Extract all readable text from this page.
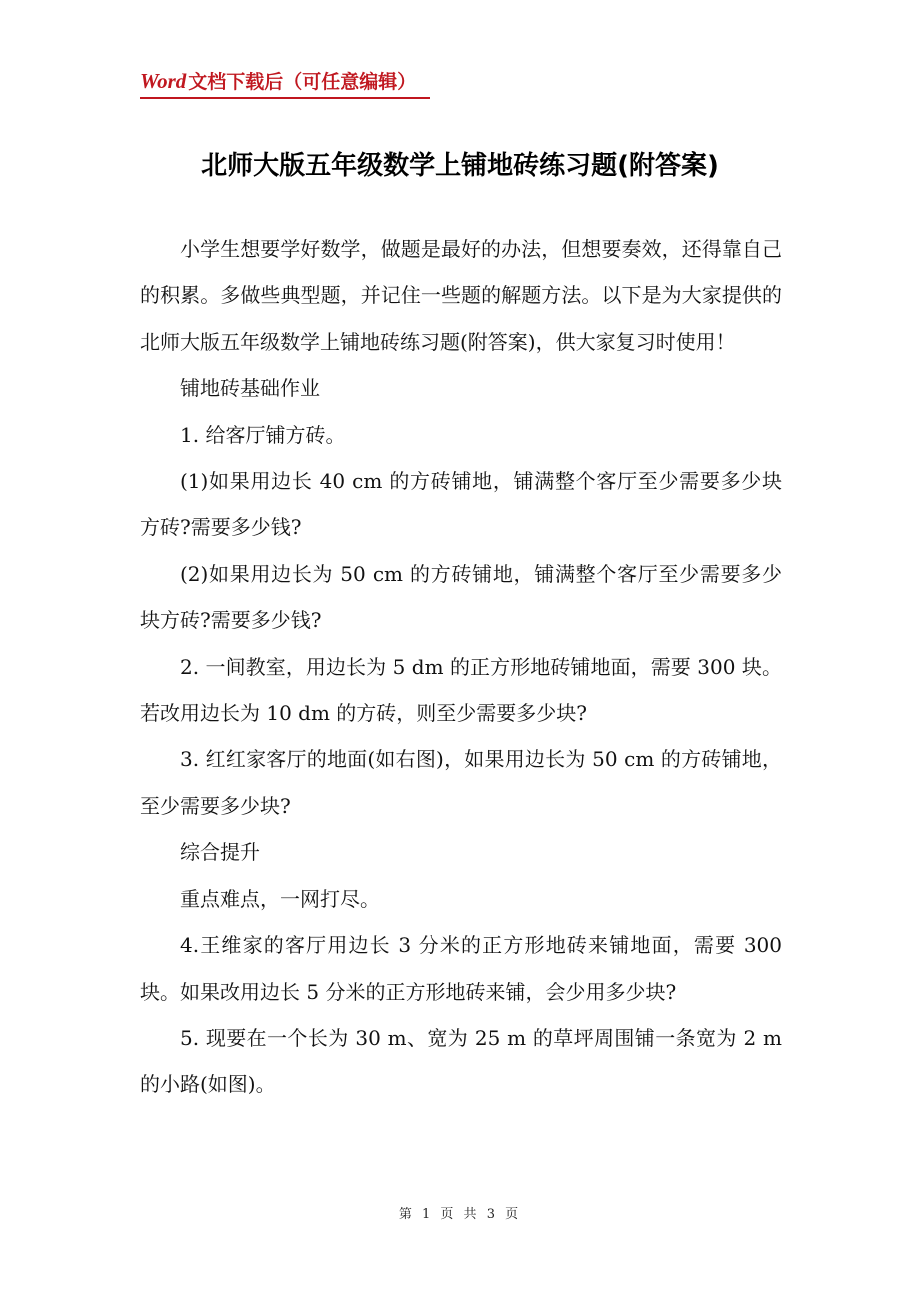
Word 文档下载后（可任意编辑）
北师大版五年级数学上铺地砖练习题(附答案)

小学生想要学好数学，做题是最好的办法，但想要奏效，还得靠自己的积累。多做些典型题，并记住一些题的解题方法。以下是为大家提供的北师大版五年级数学上铺地砖练习题(附答案)，供大家复习时使用！

铺地砖基础作业

1. 给客厅铺方砖。

(1)如果用边长 40 cm 的方砖铺地，铺满整个客厅至少需要多少块方砖?需要多少钱?

(2)如果用边长为 50 cm 的方砖铺地，铺满整个客厅至少需要多少块方砖?需要多少钱?

2. 一间教室，用边长为 5 dm 的正方形地砖铺地面，需要 300 块。若改用边长为 10 dm 的方砖，则至少需要多少块?

3. 红红家客厅的地面(如右图)，如果用边长为 50 cm 的方砖铺地，至少需要多少块?

综合提升

重点难点，一网打尽。

4.王维家的客厅用边长 3 分米的正方形地砖来铺地面，需要 300 块。如果改用边长 5 分米的正方形地砖来铺，会少用多少块?

5. 现要在一个长为 30 m、宽为 25 m 的草坪周围铺一条宽为 2 m 的小路(如图)。

第 1 页 共 3 页
